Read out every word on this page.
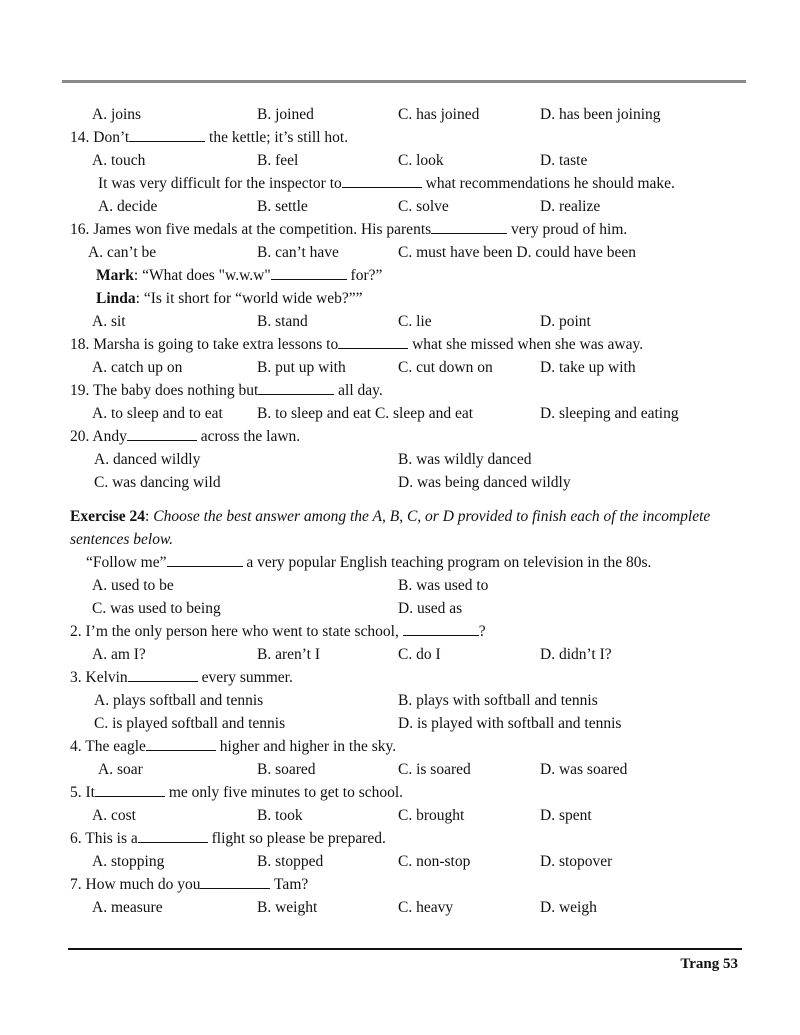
A. joins	B. joined	C. has joined	D. has been joining
14. Don’t	the kettle; it’s still hot.
A. touch	B. feel	C. look	D. taste
It was very difficult for the inspector to	what recommendations he should make.
A. decide	B. settle	C. solve	D. realize
16. James won five medals at the competition. His parents	very proud of him.
A. can’t be	B. can’t have	C. must have been D. could have been
Mark: “What does "w.w.w"	for?”
Linda: “Is it short for “world wide web?””
A. sit	B. stand	C. lie	D. point
18. Marsha is going to take extra lessons to	what she missed when she was away.
A. catch up on	B. put up with	C. cut down on	D. take up with
19. The baby does nothing but	all day.
A. to sleep and to eat B. to sleep and eat C. sleep and eat	D. sleeping and eating
20. Andy	across the lawn.
A. danced wildly	B. was wildly danced
C. was dancing wild	D. was being danced wildly
Exercise 24: Choose the best answer among the A, B, C, or D provided to finish each of the incomplete sentences below.
“Follow me”	a very popular English teaching program on television in the 80s.
A. used to be	B. was used to
C. was used to being	D. used as
2. I’m the only person here who went to state school,	?
A. am I?	B. aren’t I	C. do I	D. didn’t I?
3. Kelvin	every summer.
A. plays softball and tennis	B. plays with softball and tennis
C. is played softball and tennis	D. is played with softball and tennis
4. The eagle	higher and higher in the sky.
A. soar	B. soared	C. is soared	D. was soared
5. It	me only five minutes to get to school.
A. cost	B. took	C. brought	D. spent
6. This is a	flight so please be prepared.
A. stopping	B. stopped	C. non-stop	D. stopover
7. How much do you	Tam?
A. measure	B. weight	C. heavy	D. weigh
Trang 53
